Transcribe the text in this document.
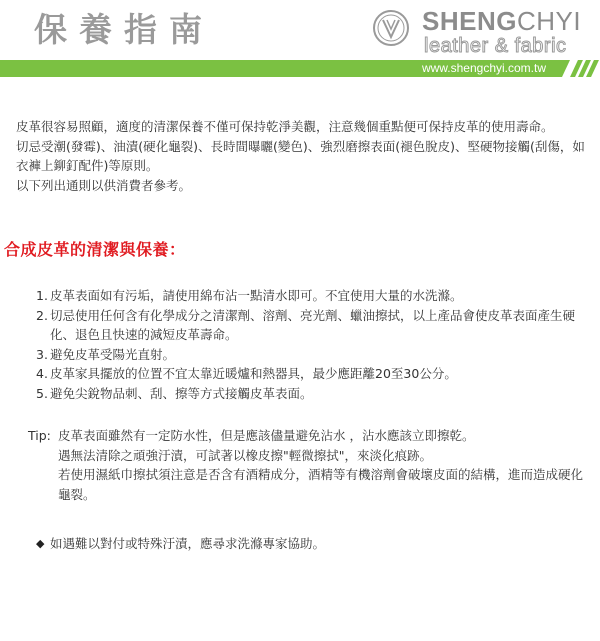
保養指南	SHENGCHYI
leather & fabric
www.shengchyi.com.tw

皮革很容易照顧，適度的清潔保養不僅可保持乾淨美觀，注意幾個重點便可保持皮革的使用壽命。

切忌受潮(發霉)、油漬(硬化龜裂)、長時間曝曬(變色)、強烈磨擦表面(褪色脫皮)、堅硬物接觸(刮傷，如衣褲上鉚釘配件)等原則。

以下列出通則以供消費者參考。

合成皮革的清潔與保養：
1. 皮革表面如有污垢，請使用綿布沾一點清水即可。不宜使用大量的水洗滌。
2. 切忌使用任何含有化學成分之清潔劑、溶劑、亮光劑、蠟油擦拭，以上產品會使皮革表面產生硬化、退色且快速的減短皮革壽命。
3. 避免皮革受陽光直射。
4. 皮革家具擺放的位置不宜太靠近暖爐和熱器具，最少應距離20至30公分。
5. 避免尖銳物品刺、刮、擦等方式接觸皮革表面。
Tip: 皮革表面雖然有一定防水性，但是應該儘量避免沾水 ，沾水應該立即擦乾。

遇無法清除之頑強汙漬，可試著以橡皮擦"輕微擦拭"，來淡化痕跡。

若使用濕紙巾擦拭須注意是否含有酒精成分，酒精等有機溶劑會破壞皮面的結構，進而造成硬化龜裂。

◆ 如遇難以對付或特殊汙漬，應尋求洗滌專家協助。
